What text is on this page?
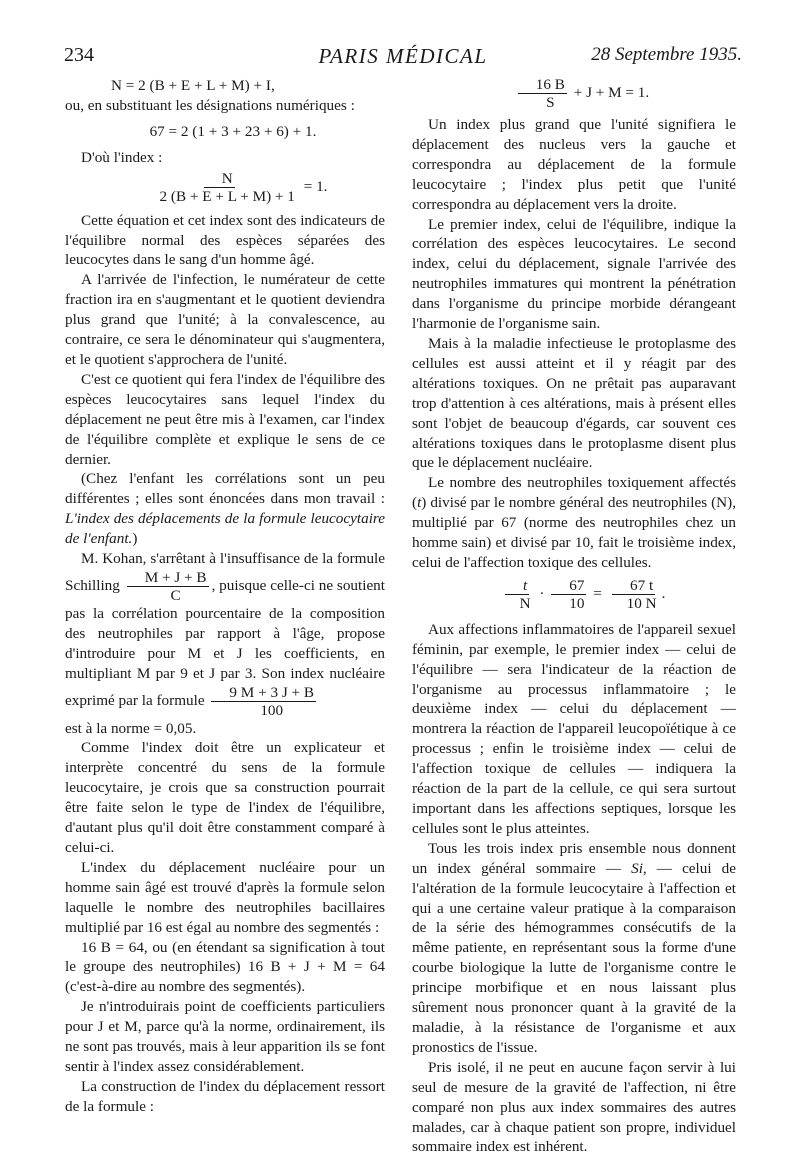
234	PARIS MÉDICAL	28 Septembre 1935.

N = 2 (B + E + L + M) + I,

ou, en substituant les désignations numériques :

67 = 2 (1 + 3 + 23 + 6) + 1.

D'où l'index :

$\frac{N}{2 (B + E + L + M) + 1} = 1$.

Cette équation et cet index sont des indicateurs de l'équilibre normal des espèces séparées des leucocytes dans le sang d'un homme âgé.

A l'arrivée de l'infection, le numérateur de cette fraction ira en s'augmentant et le quotient deviendra plus grand que l'unité; à la convalescence, au contraire, ce sera le dénominateur qui s'augmentera, et le quotient s'approchera de l'unité.

C'est ce quotient qui fera l'index de l'équilibre des espèces leucocytaires sans lequel l'index du déplacement ne peut être mis à l'examen, car l'index de l'équilibre complète et explique le sens de ce dernier.

(Chez l'enfant les corrélations sont un peu différentes ; elles sont énoncées dans mon travail : L'index des déplacements de la formule leucocytaire de l'enfant.)

M. Kohan, s'arrêtant à l'insuffisance de la formule Schilling $\frac{M + J + B}{C}$ , puisque celle-ci ne soutient pas la corrélation pourcentaire de la composition des neutrophiles par rapport à l'âge, propose d'introduire pour M et J les coefficients, en multipliant M par 9 et J par 3. Son index nucléaire exprimé par la formule $\frac{9 M + 3 J + B}{100}$

est à la norme = 0,05.

Comme l'index doit être un explicateur et interprète concentré du sens de la formule leucocytaire, je crois que sa construction pourrait être faite selon le type de l'index de l'équilibre, d'autant plus qu'il doit être constamment comparé à celui-ci.

L'index du déplacement nucléaire pour un homme sain âgé est trouvé d'après la formule selon laquelle le nombre des neutrophiles bacillaires multiplié par 16 est égal au nombre des segmentés :

16 B = 64, ou (en étendant sa signification à tout le groupe des neutrophiles) 16 B + J + M = 64 (c'est-à-dire au nombre des segmentés).

Je n'introduirais point de coefficients particuliers pour J et M, parce qu'à la norme, ordinairement, ils ne sont pas trouvés, mais à leur apparition ils se font sentir à l'index assez considérablement.

La construction de l'index du déplacement ressort de la formule :

$\frac{16 B}{S} + J + M = 1$.

Un index plus grand que l'unité signifiera le déplacement des nucleus vers la gauche et correspondra au déplacement de la formule leucocytaire ; l'index plus petit que l'unité correspondra au déplacement vers la droite.

Le premier index, celui de l'équilibre, indique la corrélation des espèces leucocytaires. Le second index, celui du déplacement, signale l'arrivée des neutrophiles immatures qui montrent la pénétration dans l'organisme du principe morbide dérangeant l'harmonie de l'organisme sain.

Mais à la maladie infectieuse le protoplasme des cellules est aussi atteint et il y réagit par des altérations toxiques. On ne prêtait pas auparavant trop d'attention à ces altérations, mais à présent elles sont l'objet de beaucoup d'égards, car souvent ces altérations toxiques dans le protoplasme disent plus que le déplacement nucléaire.

Le nombre des neutrophiles toxiquement affectés (t) divisé par le nombre général des neutrophiles (N), multiplié par 67 (norme des neutrophiles chez un homme sain) et divisé par 10, fait le troisième index, celui de l'affection toxique des cellules.

$\frac{t}{N} \cdot \frac{67}{10} = \frac{67 t}{10 N}$ .

Aux affections inflammatoires de l'appareil sexuel féminin, par exemple, le premier index — celui de l'équilibre — sera l'indicateur de la réaction de l'organisme au processus inflammatoire ; le deuxième index — celui du déplacement — montrera la réaction de l'appareil leucopoïétique à ce processus ; enfin le troisième index — celui de l'affection toxique de cellules — indiquera la réaction de la part de la cellule, ce qui sera surtout important dans les affections septiques, lorsque les cellules sont le plus atteintes.

Tous les trois index pris ensemble nous donnent un index général sommaire — Si, — celui de l'altération de la formule leucocytaire à l'affection et qui a une certaine valeur pratique à la comparaison de la série des hémogrammes consécutifs de la même patiente, en représentant sous la forme d'une courbe biologique la lutte de l'organisme contre le principe morbifique et en nous laissant plus sûrement nous prononcer quant à la gravité de la maladie, à la résistance de l'organisme et aux pronostics de l'issue.

Pris isolé, il ne peut en aucune façon servir à lui seul de mesure de la gravité de l'affection, ni être comparé non plus aux index sommaires des autres malades, car à chaque patient son propre, individuel sommaire index est inhérent.
